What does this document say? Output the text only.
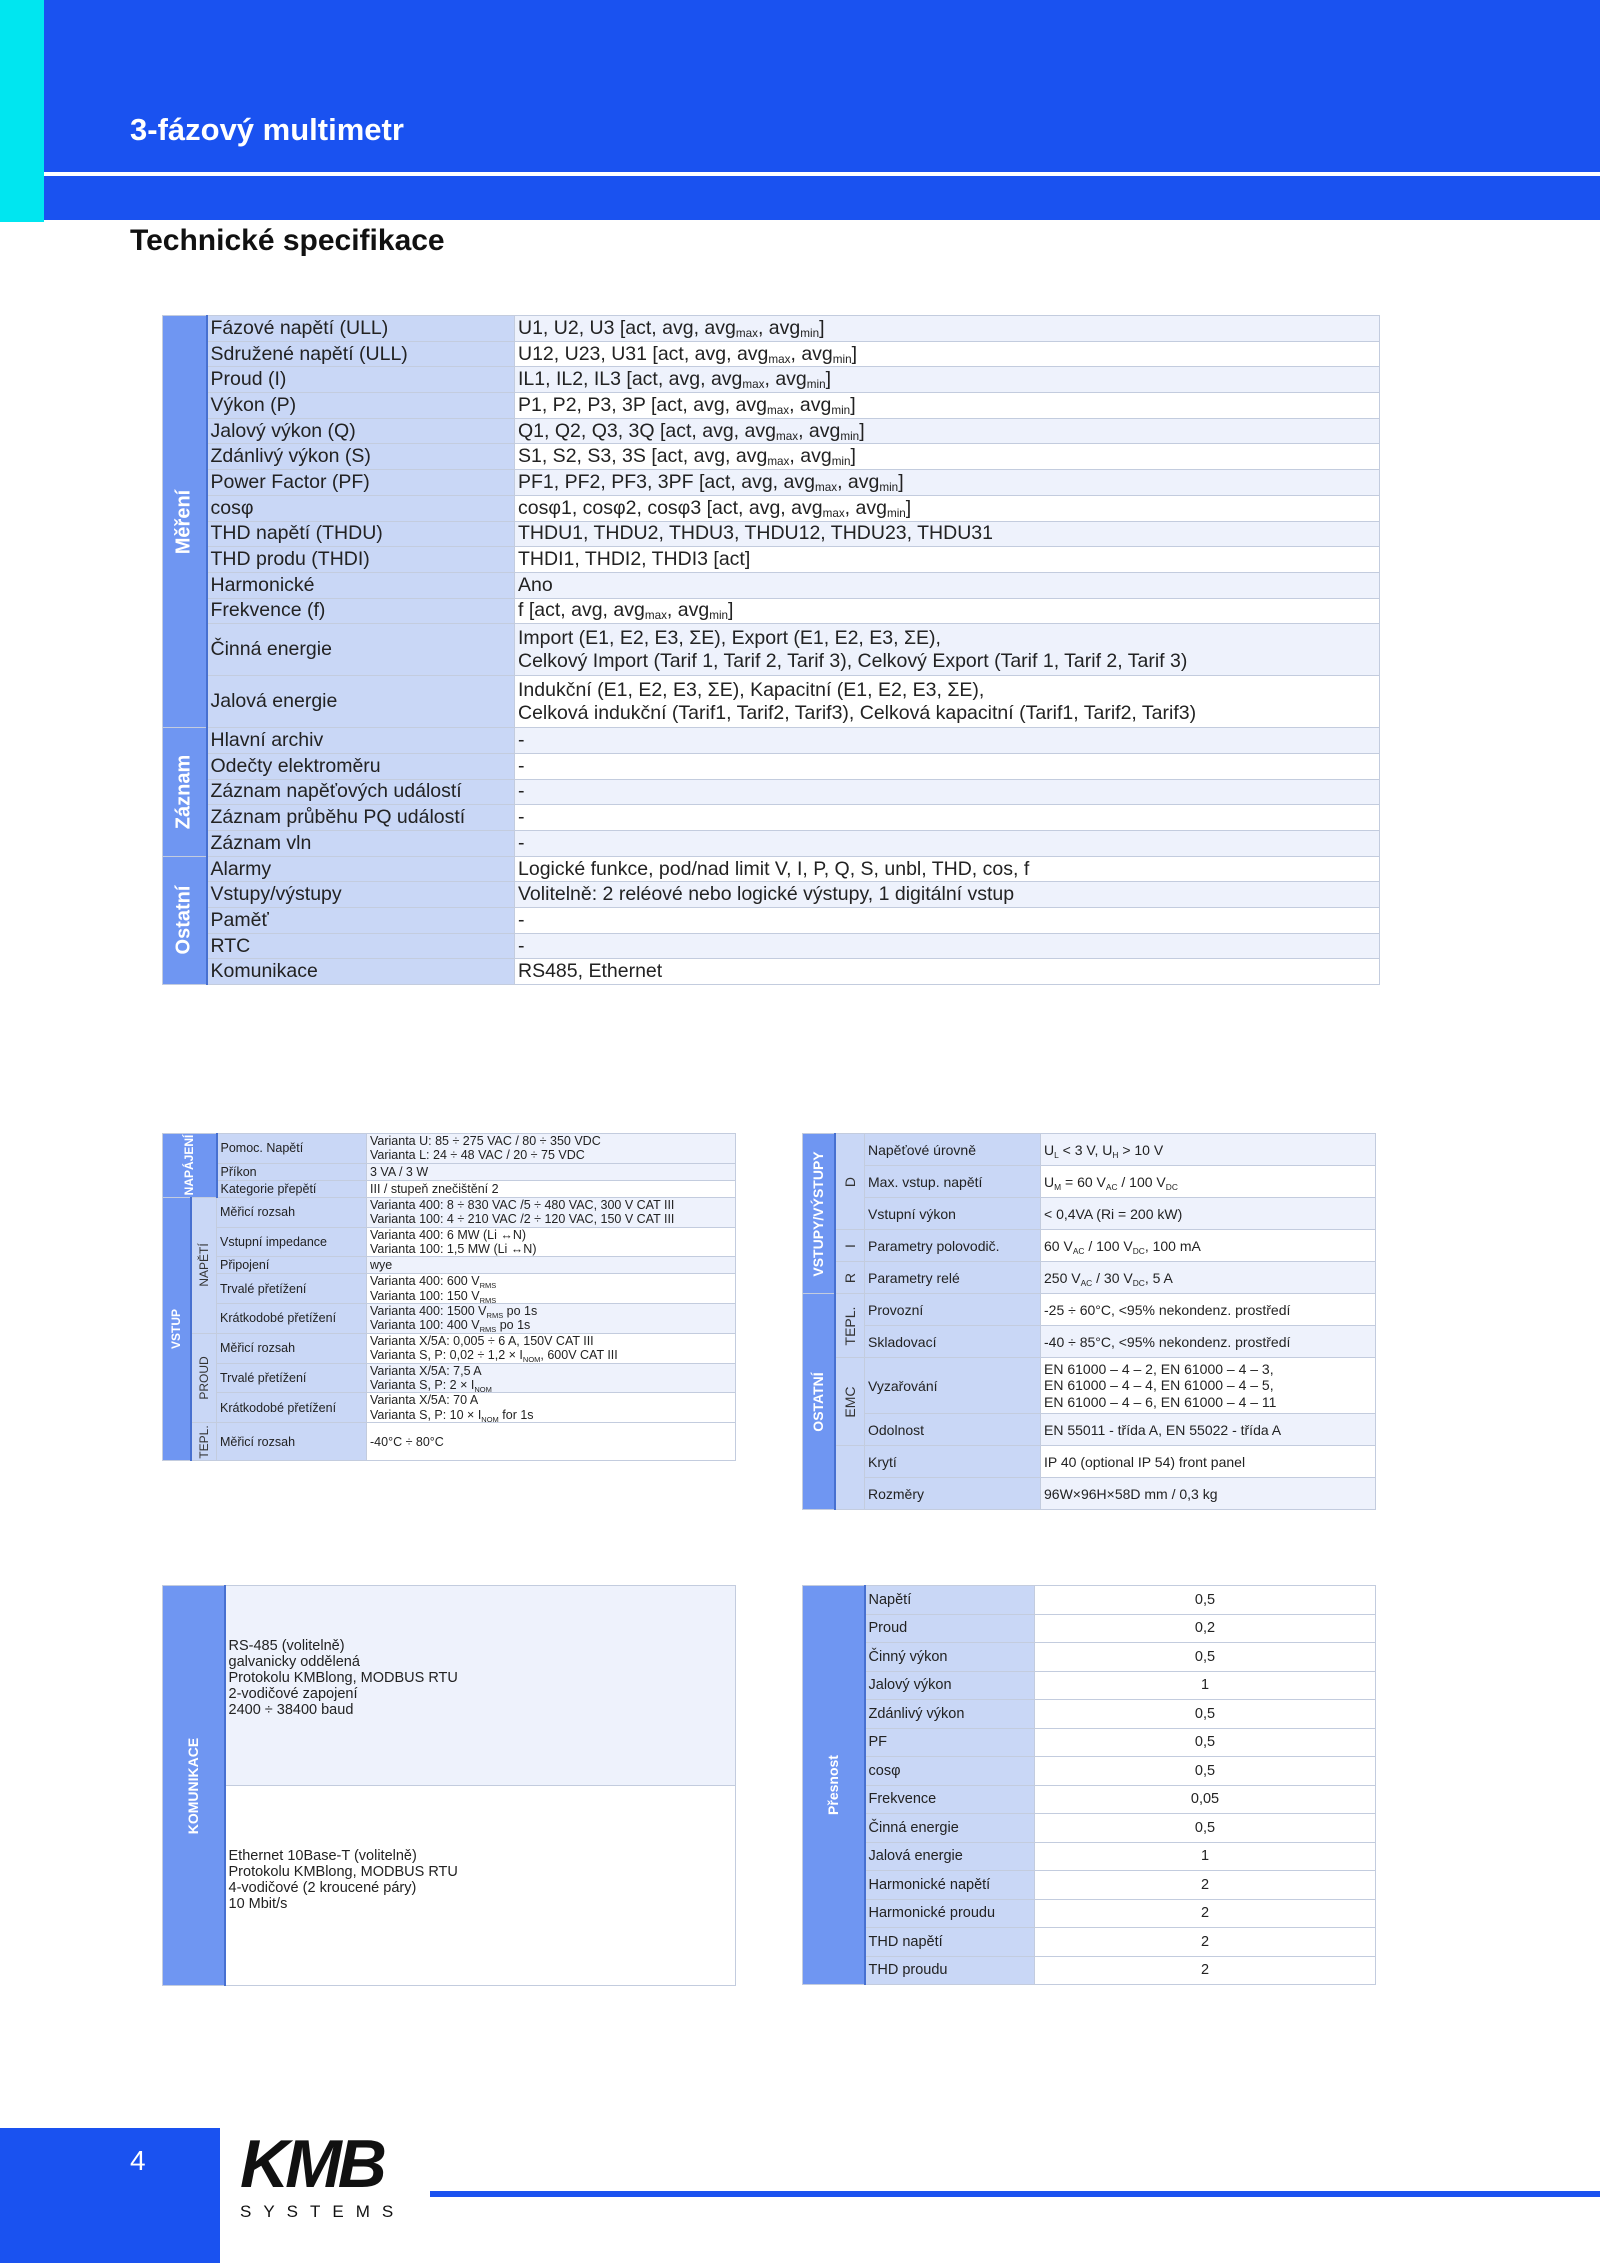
3-fázový multimetr
Technické specifikace
Měření	Fázové napětí (ULL)	U1, U2, U3 [act, avg, avg$_{max}$, avg$_{min}$]
	Sdružené napětí (ULL)	U12, U23, U31 [act, avg, avg$_{max}$, avg$_{min}$]
	Proud (I)	IL1, IL2, IL3 [act, avg, avg$_{max}$, avg$_{min}$]
	Výkon (P)	P1, P2, P3, 3P [act, avg, avg$_{max}$, avg$_{min}$]
	Jalový výkon (Q)	Q1, Q2, Q3, 3Q [act, avg, avg$_{max}$, avg$_{min}$]
	Zdánlivý výkon (S)	S1, S2, S3, 3S [act, avg, avg$_{max}$, avg$_{min}$]
	Power Factor (PF)	PF1, PF2, PF3, 3PF [act, avg, avg$_{max}$, avg$_{min}$]
	cosφ	cosφ1, cosφ2, cosφ3 [act, avg, avg$_{max}$, avg$_{min}$]
	THD napětí (THDU)	THDU1, THDU2, THDU3, THDU12, THDU23, THDU31
	THD produ (THDI)	THDI1, THDI2, THDI3 [act]
	Harmonické	Ano
	Frekvence (f)	f [act, avg, avg$_{max}$, avg$_{min}$]
	Činná energie	Import (E1, E2, E3, ΣE), Export (E1, E2, E3, ΣE),
Celkový Import (Tarif 1, Tarif 2, Tarif 3), Celkový Export (Tarif 1, Tarif 2, Tarif 3)
	Jalová energie	Indukční (E1, E2, E3, ΣE), Kapacitní (E1, E2, E3, ΣE),
Celková indukční (Tarif1, Tarif2, Tarif3), Celková kapacitní (Tarif1, Tarif2, Tarif3)

Záznam	Hlavní archiv	-
	Odečty elektroměru	-
	Záznam napěťových událostí	-
	Záznam průběhu PQ událostí	-
	Záznam vln	-

Ostatní	Alarmy	Logické funkce, pod/nad limit V, I, P, Q, S, unbl, THD, cos, f
	Vstupy/výstupy	Volitelně: 2 reléové nebo logické výstupy, 1 digitální vstup
	Paměť	-
	RTC	-
	Komunikace	RS485, Ethernet
NAPÁJENÍ		Pomoc. Napětí	Varianta U: 85 ÷ 275 VAC / 80 ÷ 350 VDC
Varianta L: 24 ÷ 48 VAC / 20 ÷ 75 VDC
		Příkon	3 VA / 3 W
		Kategorie přepětí	III / stupeň znečištění 2

VSTUP	NAPĚTÍ	Měřicí rozsah	Varianta 400: 8 ÷ 830 VAC /5 ÷ 480 VAC, 300 V CAT III
Varianta 100: 4 ÷ 210 VAC /2 ÷ 120 VAC, 150 V CAT III
		Vstupní impedance	Varianta 400: 6 MW (Li ↔N)
Varianta 100: 1,5 MW (Li ↔N)
		Připojení	wye
		Trvalé přetížení	Varianta 400: 600 $V_{RMS}$
Varianta 100: 150 $V_{RMS}$
		Krátkodobé přetížení	Varianta 400: 1500 $V_{RMS}$ po 1s
Varianta 100: 400 $V_{RMS}$ po 1s

	PROUD	Měřicí rozsah	Varianta X/5A: 0,005 ÷ 6 A, 150V CAT III
Varianta S, P: $0,02 \div 1,2 \times I_{NOM}$, 600V CAT III
		Trvalé přetížení	Varianta X/5A: 7,5 A
Varianta S, P: $2 \times I_{NOM}$
		Krátkodobé přetížení	Varianta X/5A: 70 A
Varianta S, P: $10 \times I_{NOM}$ for 1s

	TEPL.	Měřicí rozsah	-40°C ÷ 80°C
VSTUPY/VÝSTUPY	D	Napěťové úrovně	$U_L < 3$ V, $U_H > 10$ V
		Max. vstup. napětí	$U_M = 60$ $V_{AC} / 100$ $V_{DC}$
		Vstupní výkon	< 0,4VA (Ri = 200 kW)

	I	Parametry polovodič.	60 $V_{AC} / 100$ $V_{DC}$, 100 mA

	R	Parametry relé	250 $V_{AC} / 30$ $V_{DC}$, 5 A

OSTATNÍ	TEPL.	Provozní	-25 ÷ 60°C, <95% nekondenz. prostředí
		Skladovací	-40 ÷ 85°C, <95% nekondenz. prostředí

	EMC	Vyzařování	EN 61000 – 4 – 2, EN 61000 – 4 – 3,
EN 61000 – 4 – 4, EN 61000 – 4 – 5,
EN 61000 – 4 – 6, EN 61000 – 4 – 11
		Odolnost	EN 55011 - třída A, EN 55022 - třída A
		Krytí	IP 40 (optional IP 54) front panel
		Rozměry	96W×96H×58D mm / 0,3 kg
KOMUNIKACE

RS-485 (volitelně)
galvanicky oddělená
Protokolu KMBlong, MODBUS RTU
2-vodičové zapojení
2400 ÷ 38400 baud

Ethernet 10Base-T (volitelně)
Protokolu KMBlong, MODBUS RTU
4-vodičové (2 kroucené páry)
10 Mbit/s
Přesnost	Napětí	0,5
	Proud	0,2
	Činný výkon	0,5
	Jalový výkon	1
	Zdánlivý výkon	0,5
	PF	0,5
	cosφ	0,5
	Frekvence	0,05
	Činná energie	0,5
	Jalová energie	1
	Harmonické napětí	2
	Harmonické proudu	2
	THD napětí	2
	THD proudu	2
4 KMB
SYSTEMS
